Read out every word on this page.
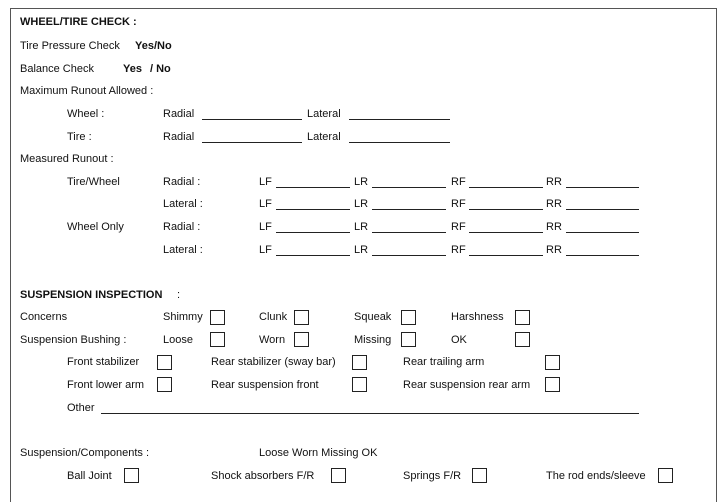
WHEEL/TIRE CHECK :
Tire Pressure Check Yes/No
Balance Check	Yes / No
Maximum Runout Allowed :
Wheel :	Radial	Lateral
Tire :	Radial	Lateral
Measured Runout :
Tire/Wheel	Radial :	LF	LR	RF	RR
Lateral :	LF	LR	RF	RR
Wheel Only	Radial :	LF	LR	RF	RR
Lateral :	LF	LR	RF	RR
SUSPENSION INSPECTION :
Concerns	Shimmy	Clunk	Squeak	Harshness
Suspension Bushing :	Loose	Worn	Missing	OK
Front stabilizer	Rear stabilizer (sway bar)	Rear trailing arm
Front lower arm	Rear suspension front	Rear suspension rear arm
Other
Suspension/Components :	Loose Worn Missing OK
Ball Joint	Shock absorbers F/R	Springs F/R	The rod ends/sleeve
